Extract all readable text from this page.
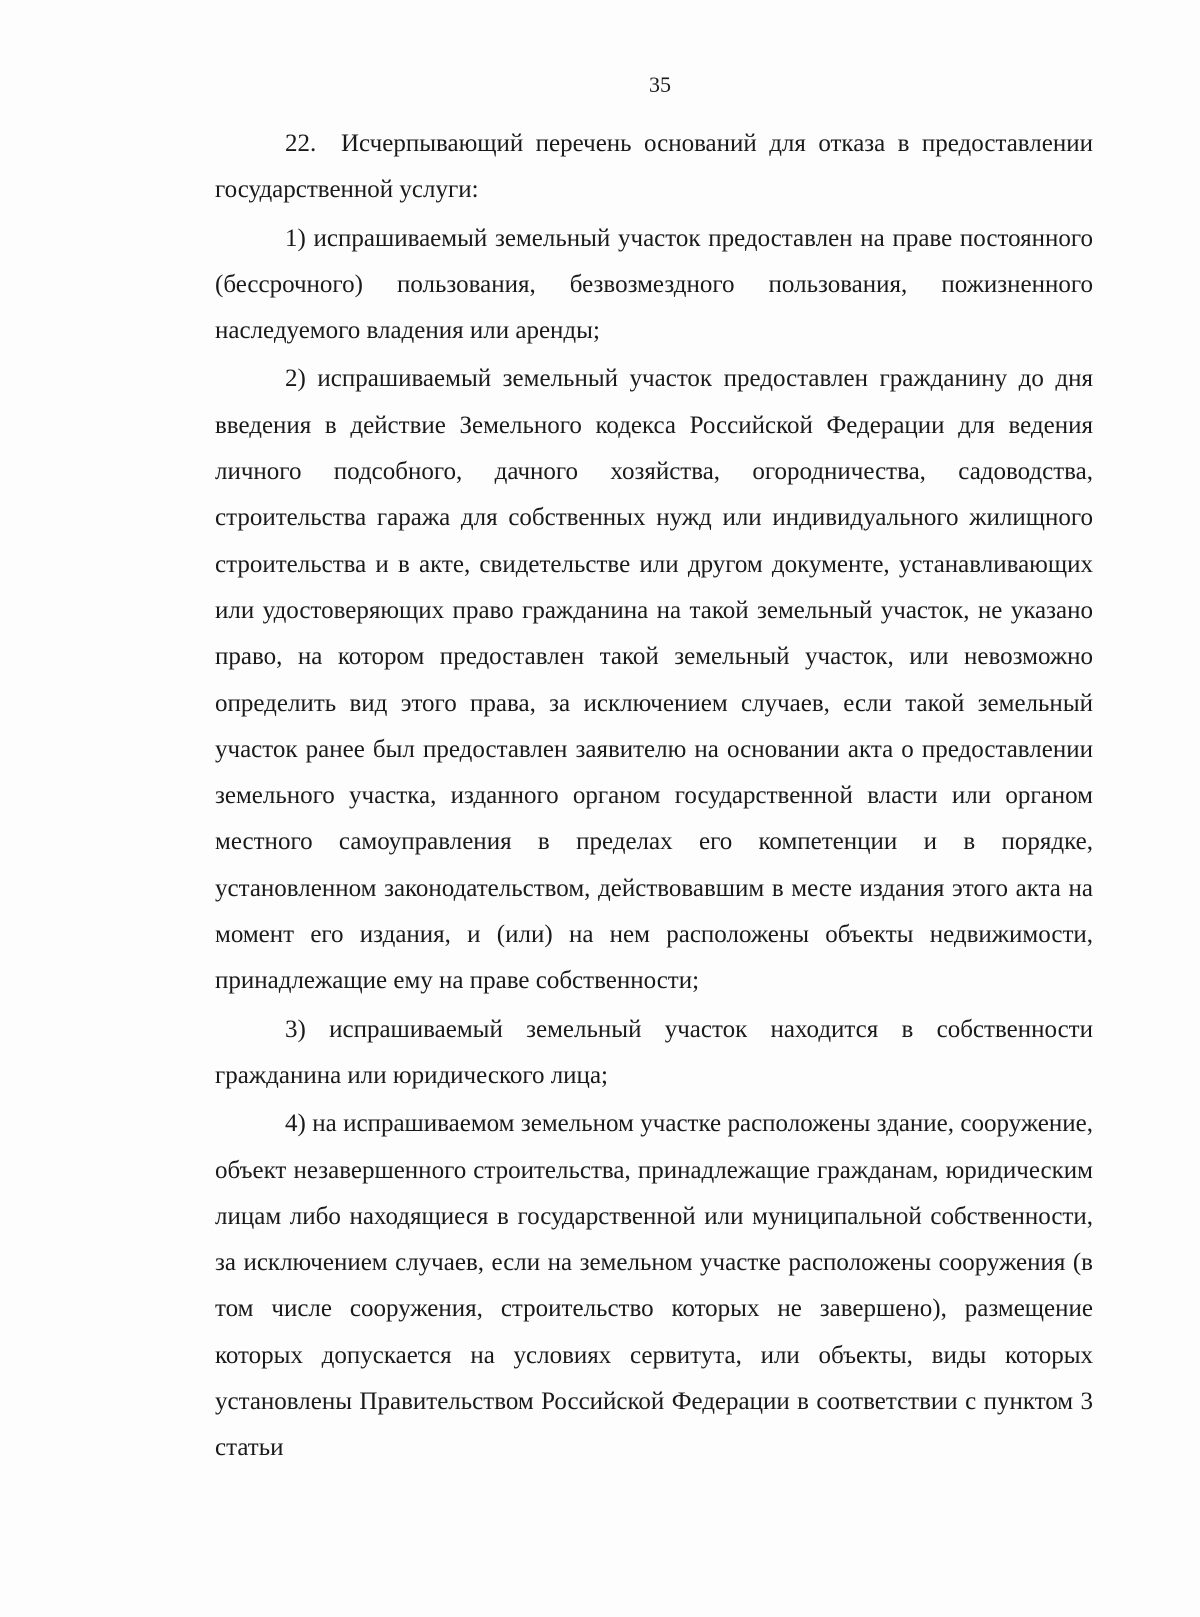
35

22. Исчерпывающий перечень оснований для отказа в предоставлении государственной услуги:

1) испрашиваемый земельный участок предоставлен на праве постоянного (бессрочного) пользования, безвозмездного пользования, пожизненного наследуемого владения или аренды;

2) испрашиваемый земельный участок предоставлен гражданину до дня введения в действие Земельного кодекса Российской Федерации для ведения личного подсобного, дачного хозяйства, огородничества, садоводства, строительства гаража для собственных нужд или индивидуального жилищного строительства и в акте, свидетельстве или другом документе, устанавливающих или удостоверяющих право гражданина на такой земельный участок, не указано право, на котором предоставлен такой земельный участок, или невозможно определить вид этого права, за исключением случаев, если такой земельный участок ранее был предоставлен заявителю на основании акта о предоставлении земельного участка, изданного органом государственной власти или органом местного самоуправления в пределах его компетенции и в порядке, установленном законодательством, действовавшим в месте издания этого акта на момент его издания, и (или) на нем расположены объекты недвижимости, принадлежащие ему на праве собственности;

3) испрашиваемый земельный участок находится в собственности гражданина или юридического лица;

4) на испрашиваемом земельном участке расположены здание, сооружение, объект незавершенного строительства, принадлежащие гражданам, юридическим лицам либо находящиеся в государственной или муниципальной собственности, за исключением случаев, если на земельном участке расположены сооружения (в том числе сооружения, строительство которых не завершено), размещение которых допускается на условиях сервитута, или объекты, виды которых установлены Правительством Российской Федерации в соответствии с пунктом 3 статьи
